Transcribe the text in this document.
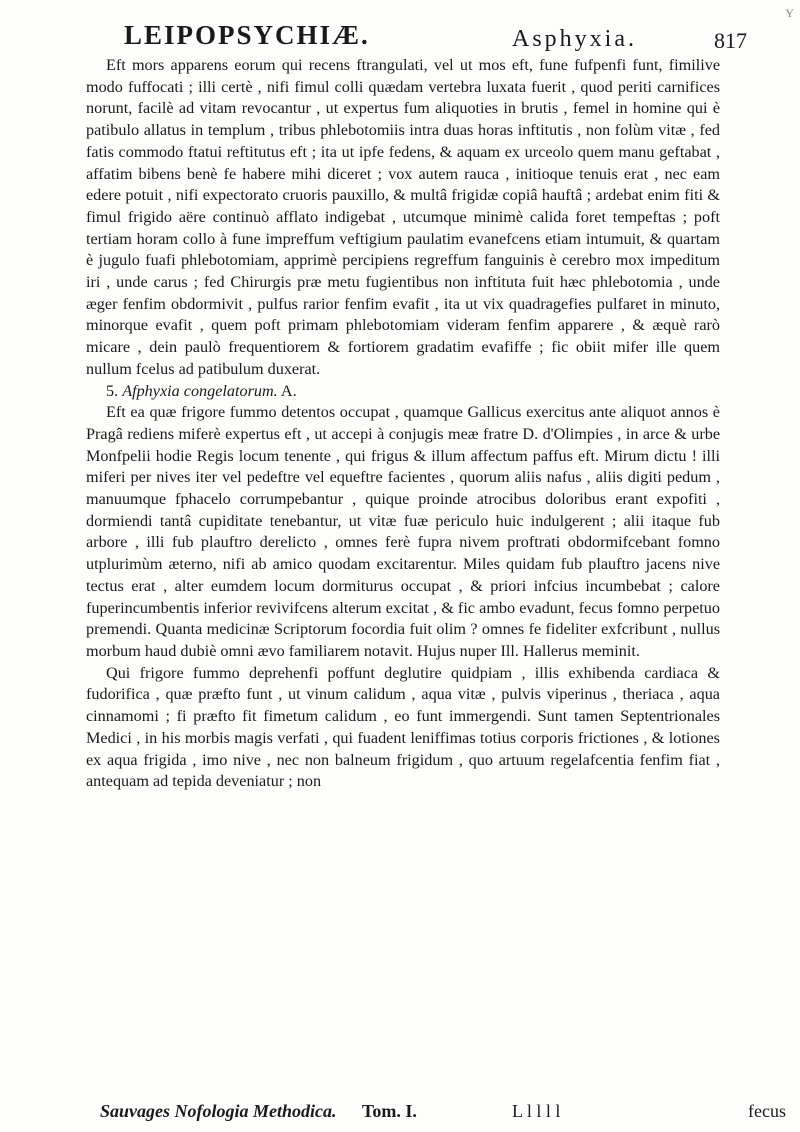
LEIPOPSYCHIÆ.	Asphyxia.	817
Y

Eft mors apparens eorum qui recens ftrangulati, vel ut mos eft, fune fufpenfi funt, fimilive modo fuffocati ; illi certè , nifi fimul colli quædam vertebra luxata fuerit , quod periti carnifices norunt, facilè ad vitam revocantur , ut expertus fum aliquoties in brutis , femel in homine qui è patibulo allatus in templum , tribus phlebotomiis intra duas horas inftitutis , non folùm vitæ , fed fatis commodo ftatui reftitutus eft ; ita ut ipfe fedens, & aquam ex urceolo quem manu geftabat , affatim bibens benè fe habere mihi diceret ; vox autem rauca , initioque tenuis erat , nec eam edere potuit , nifi expectorato cruoris pauxillo, & multâ frigidæ copiâ hauftâ ; ardebat enim fiti & fimul frigido aëre continuò afflato indigebat , utcumque minimè calida foret tempeftas ; poft tertiam horam collo à fune impreffum veftigium paulatim evanefcens etiam intumuit, & quartam è jugulo fuafi phlebotomiam, apprimè percipiens regreffum fanguinis è cerebro mox impeditum iri , unde carus ; fed Chirurgis præ metu fugientibus non inftituta fuit hæc phlebotomia , unde æger fenfim obdormivit , pulfus rarior fenfim evafit , ita ut vix quadragefies pulfaret in minuto, minorque evafit , quem poft primam phlebotomiam videram fenfim apparere , & æquè rarò micare , dein paulò frequentiorem & fortiorem gradatim evafiffe ; fic obiit mifer ille quem nullum fcelus ad patibulum duxerat.

5. Afphyxia congelatorum. A.

Eft ea quæ frigore fummo detentos occupat , quamque Gallicus exercitus ante aliquot annos è Pragâ rediens miferè expertus eft , ut accepi à conjugis meæ fratre D. d'Olimpies , in arce & urbe Monfpelii hodie Regis locum tenente , qui frigus & illum affectum paffus eft. Mirum dictu ! illi miferi per nives iter vel pedeftre vel equeftre facientes , quorum aliis nafus , aliis digiti pedum , manuumque fphacelo corrumpebantur , quique proinde atrocibus doloribus erant expofiti , dormiendi tantâ cupiditate tenebantur, ut vitæ fuæ periculo huic indulgerent ; alii itaque fub arbore , illi fub plauftro derelicto , omnes ferè fupra nivem proftrati obdormifcebant fomno utplurimùm æterno, nifi ab amico quodam excitarentur. Miles quidam fub plauftro jacens nive tectus erat , alter eumdem locum dormiturus occupat , & priori infcius incumbebat ; calore fuperincumbentis inferior revivifcens alterum excitat , & fic ambo evadunt, fecus fomno perpetuo premendi. Quanta medicinæ Scriptorum focordia fuit olim ? omnes fe fideliter exfcribunt , nullus morbum haud dubiè omni ævo familiarem notavit. Hujus nuper Ill. Hallerus meminit.

Qui frigore fummo deprehenfi poffunt deglutire quidpiam , illis exhibenda cardiaca & fudorifica , quæ præfto funt , ut vinum calidum , aqua vitæ , pulvis viperinus , theriaca , aqua cinnamomi ; fi præfto fit fimetum calidum , eo funt immergendi. Sunt tamen Septentrionales Medici , in his morbis magis verfati , qui fuadent leniffimas totius corporis frictiones , & lotiones ex aqua frigida , imo nive , nec non balneum frigidum , quo artuum regelafcentia fenfim fiat , antequam ad tepida deveniatur ; non

Sauvages Nofologia Methodica. Tom. I.	L l l l l	fecus
